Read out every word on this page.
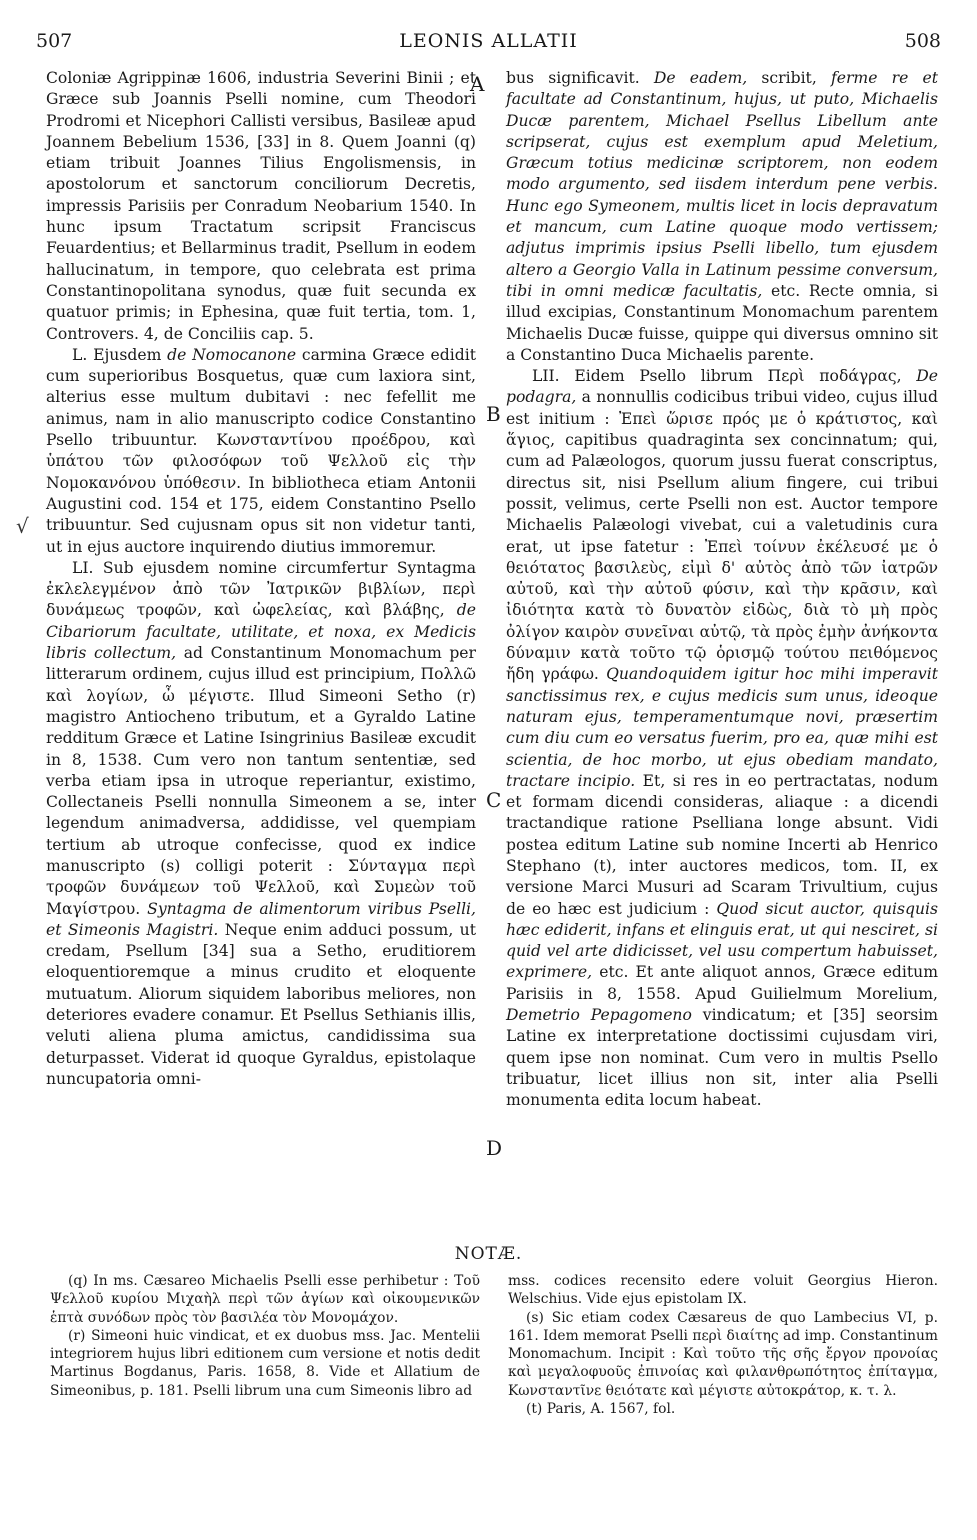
507	LEONIS ALLATII	508
√
A
B
C
D

Coloniæ Agrippinæ 1606, industria Severini Binii ; et Græce sub Joannis Pselli nomine, cum Theodori Prodromi et Nicephori Callisti versibus, Basileæ apud Joannem Bebelium 1536, [33] in 8. Quem Joanni (q) etiam tribuit Joannes Tilius Engolismensis, in apostolorum et sanctorum conciliorum Decretis, impressis Parisiis per Conradum Neobarium 1540. In hunc ipsum Tractatum scripsit Franciscus Feuardentius; et Bellarminus tradit, Psellum in eodem hallucinatum, in tempore, quo celebrata est prima Constantinopolitana synodus, quæ fuit secunda ex quatuor primis; in Ephesina, quæ fuit tertia, tom. 1, Controvers. 4, de Conciliis cap. 5.

L. Ejusdem de Nomocanone carmina Græce edidit cum superioribus Bosquetus, quæ cum laxiora sint, alterius esse multum dubitavi : nec fefellit me animus, nam in alio manuscripto codice Constantino Psello tribuuntur. Κωνσταντίνου προέδρου, καὶ ὑπάτου τῶν φιλοσόφων τοῦ Ψελλοῦ εἰς τὴν Νομοκανόνου ὑπόθεσιν. In bibliotheca etiam Antonii Augustini cod. 154 et 175, eidem Constantino Psello tribuuntur. Sed cujusnam opus sit non videtur tanti, ut in ejus auctore inquirendo diutius immoremur.

LI. Sub ejusdem nomine circumfertur Syntagma ἐκλελεγμένον ἀπὸ τῶν Ἰατρικῶν βιβλίων, περὶ δυνάμεως τροφῶν, καὶ ὠφελείας, καὶ βλάβης, de Cibariorum facultate, utilitate, et noxa, ex Medicis libris collectum, ad Constantinum Monomachum per litterarum ordinem, cujus illud est principium, Πολλῶ καὶ λογίων, ὦ μέγιστε. Illud Simeoni Setho (r) magistro Antiocheno tributum, et a Gyraldo Latine redditum Græce et Latine Isingrinius Basileæ excudit in 8, 1538. Cum vero non tantum sententiæ, sed verba etiam ipsa in utroque reperiantur, existimo, Collectaneis Pselli nonnulla Simeonem a se, inter legendum animadversa, addidisse, vel quempiam tertium ab utroque confecisse, quod ex indice manuscripto (s) colligi poterit : Σύνταγμα περὶ τροφῶν δυνάμεων τοῦ Ψελλοῦ, καὶ Συμεὼν τοῦ Μαγίστρου. Syntagma de alimentorum viribus Pselli, et Simeonis Magistri. Neque enim adduci possum, ut credam, Psellum [34] sua a Setho, eruditiorem eloquentioremque a minus crudito et eloquente mutuatum. Aliorum siquidem laboribus meliores, non deteriores evadere conamur. Et Psellus Sethianis illis, veluti aliena pluma amictus, candidissima sua deturpasset. Viderat id quoque Gyraldus, epistolaque nuncupatoria omni-

bus significavit. De eadem, scribit, ferme re et facultate ad Constantinum, hujus, ut puto, Michaelis Ducæ parentem, Michael Psellus Libellum ante scripserat, cujus est exemplum apud Meletium, Græcum totius medicinæ scriptorem, non eodem modo argumento, sed iisdem interdum pene verbis. Hunc ego Symeonem, multis licet in locis depravatum et mancum, cum Latine quoque modo vertissem; adjutus imprimis ipsius Pselli libello, tum ejusdem altero a Georgio Valla in Latinum pessime conversum, tibi in omni medicæ facultatis, etc. Recte omnia, si illud excipias, Constantinum Monomachum parentem Michaelis Ducæ fuisse, quippe qui diversus omnino sit a Constantino Duca Michaelis parente.

LII. Eidem Psello librum Περὶ ποδάγρας, De podagra, a nonnullis codicibus tribui video, cujus illud est initium : Ἐπεὶ ὥρισε πρός με ὁ κράτιστος, καὶ ἅγιος, capitibus quadraginta sex concinnatum; qui, cum ad Palæologos, quorum jussu fuerat conscriptus, directus sit, nisi Psellum alium fingere, cui tribui possit, velimus, certe Pselli non est. Auctor tempore Michaelis Palæologi vivebat, cui a valetudinis cura erat, ut ipse fatetur : Ἐπεὶ τοίνυν ἐκέλευσέ με ὁ θειότατος βασιλεὺς, εἰμὶ δ' αὐτὸς ἀπὸ τῶν ἰατρῶν αὐτοῦ, καὶ τὴν αὐτοῦ φύσιν, καὶ τὴν κρᾶσιν, καὶ ἰδιότητα κατὰ τὸ δυνατὸν εἰδὼς, διὰ τὸ μὴ πρὸς ὀλίγον καιρὸν συνεῖναι αὐτῷ, τὰ πρὸς ἐμὴν ἀνήκοντα δύναμιν κατὰ τοῦτο τῷ ὁρισμῷ τούτου πειθόμενος ἤδη γράφω. Quandoquidem igitur hoc mihi imperavit sanctissimus rex, e cujus medicis sum unus, ideoque naturam ejus, temperamentumque novi, præsertim cum diu cum eo versatus fuerim, pro ea, quæ mihi est scientia, de hoc morbo, ut ejus obediam mandato, tractare incipio. Et, si res in eo pertractatas, nodum et formam dicendi consideras, aliaque : a dicendi tractandique ratione Pselliana longe absunt. Vidi postea editum Latine sub nomine Incerti ab Henrico Stephano (t), inter auctores medicos, tom. II, ex versione Marci Musuri ad Scaram Trivultium, cujus de eo hæc est judicium : Quod sicut auctor, quisquis hæc ediderit, infans et elinguis erat, ut qui nesciret, si quid vel arte didicisset, vel usu compertum habuisset, exprimere, etc. Et ante aliquot annos, Græce editum Parisiis in 8, 1558. Apud Guilielmum Morelium, Demetrio Pepagomeno vindicatum; et [35] seorsim Latine ex interpretatione doctissimi cujusdam viri, quem ipse non nominat. Cum vero in multis Psello tribuatur, licet illius non sit, inter alia Pselli monumenta edita locum habeat.

NOTÆ.

(q) In ms. Cæsareo Michaelis Pselli esse perhibetur : Τοῦ Ψελλοῦ κυρίου Μιχαὴλ περὶ τῶν ἁγίων καὶ οἰκουμενικῶν ἑπτὰ συνόδων πρὸς τὸν βασιλέα τὸν Μονομάχον.

(r) Simeoni huic vindicat, et ex duobus mss. Jac. Mentelii integriorem hujus libri editionem cum versione et notis dedit Martinus Bogdanus, Paris. 1658, 8. Vide et Allatium de Simeonibus, p. 181. Pselli librum una cum Simeonis libro ad

mss. codices recensito edere voluit Georgius Hieron. Welschius. Vide ejus epistolam IX.

(s) Sic etiam codex Cæsareus de quo Lambecius VI, p. 161. Idem memorat Pselli περὶ διαίτης ad imp. Constantinum Monomachum. Incipit : Καὶ τοῦτο τῆς σῆς ἔργον προνοίας καὶ μεγαλοφυοῦς ἐπινοίας καὶ φιλανθρωπότητος ἐπίταγμα, Κωνσταντῖνε θειότατε καὶ μέγιστε αὐτοκράτορ, κ. τ. λ.

(t) Paris, A. 1567, fol.
